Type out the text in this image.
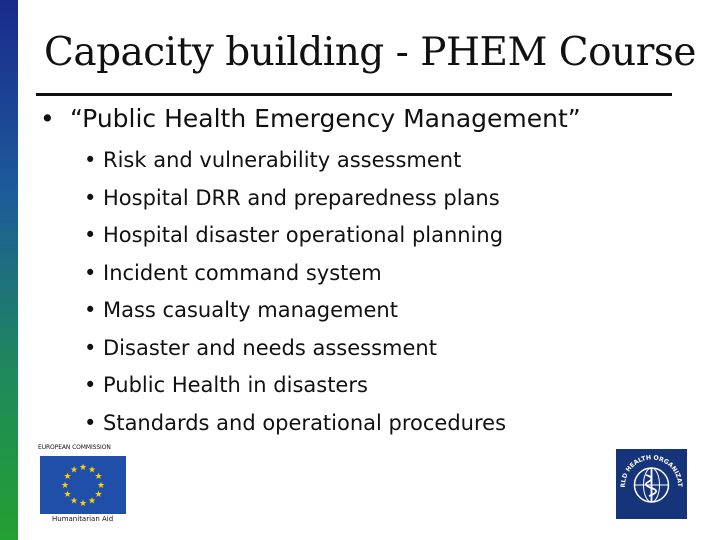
Capacity building - PHEM Course
• “Public Health Emergency Management”
• Risk and vulnerability assessment
• Hospital DRR and preparedness plans
• Hospital disaster operational planning
• Incident command system
• Mass casualty management
• Disaster and needs assessment
• Public Health in disasters
• Standards and operational procedures
EUROPEAN COMMISSION
★ ★
★
★
★
★
★
★
★
★
★
★
Humanitarian Aid
RLD HEALTH ORGANIZAT
